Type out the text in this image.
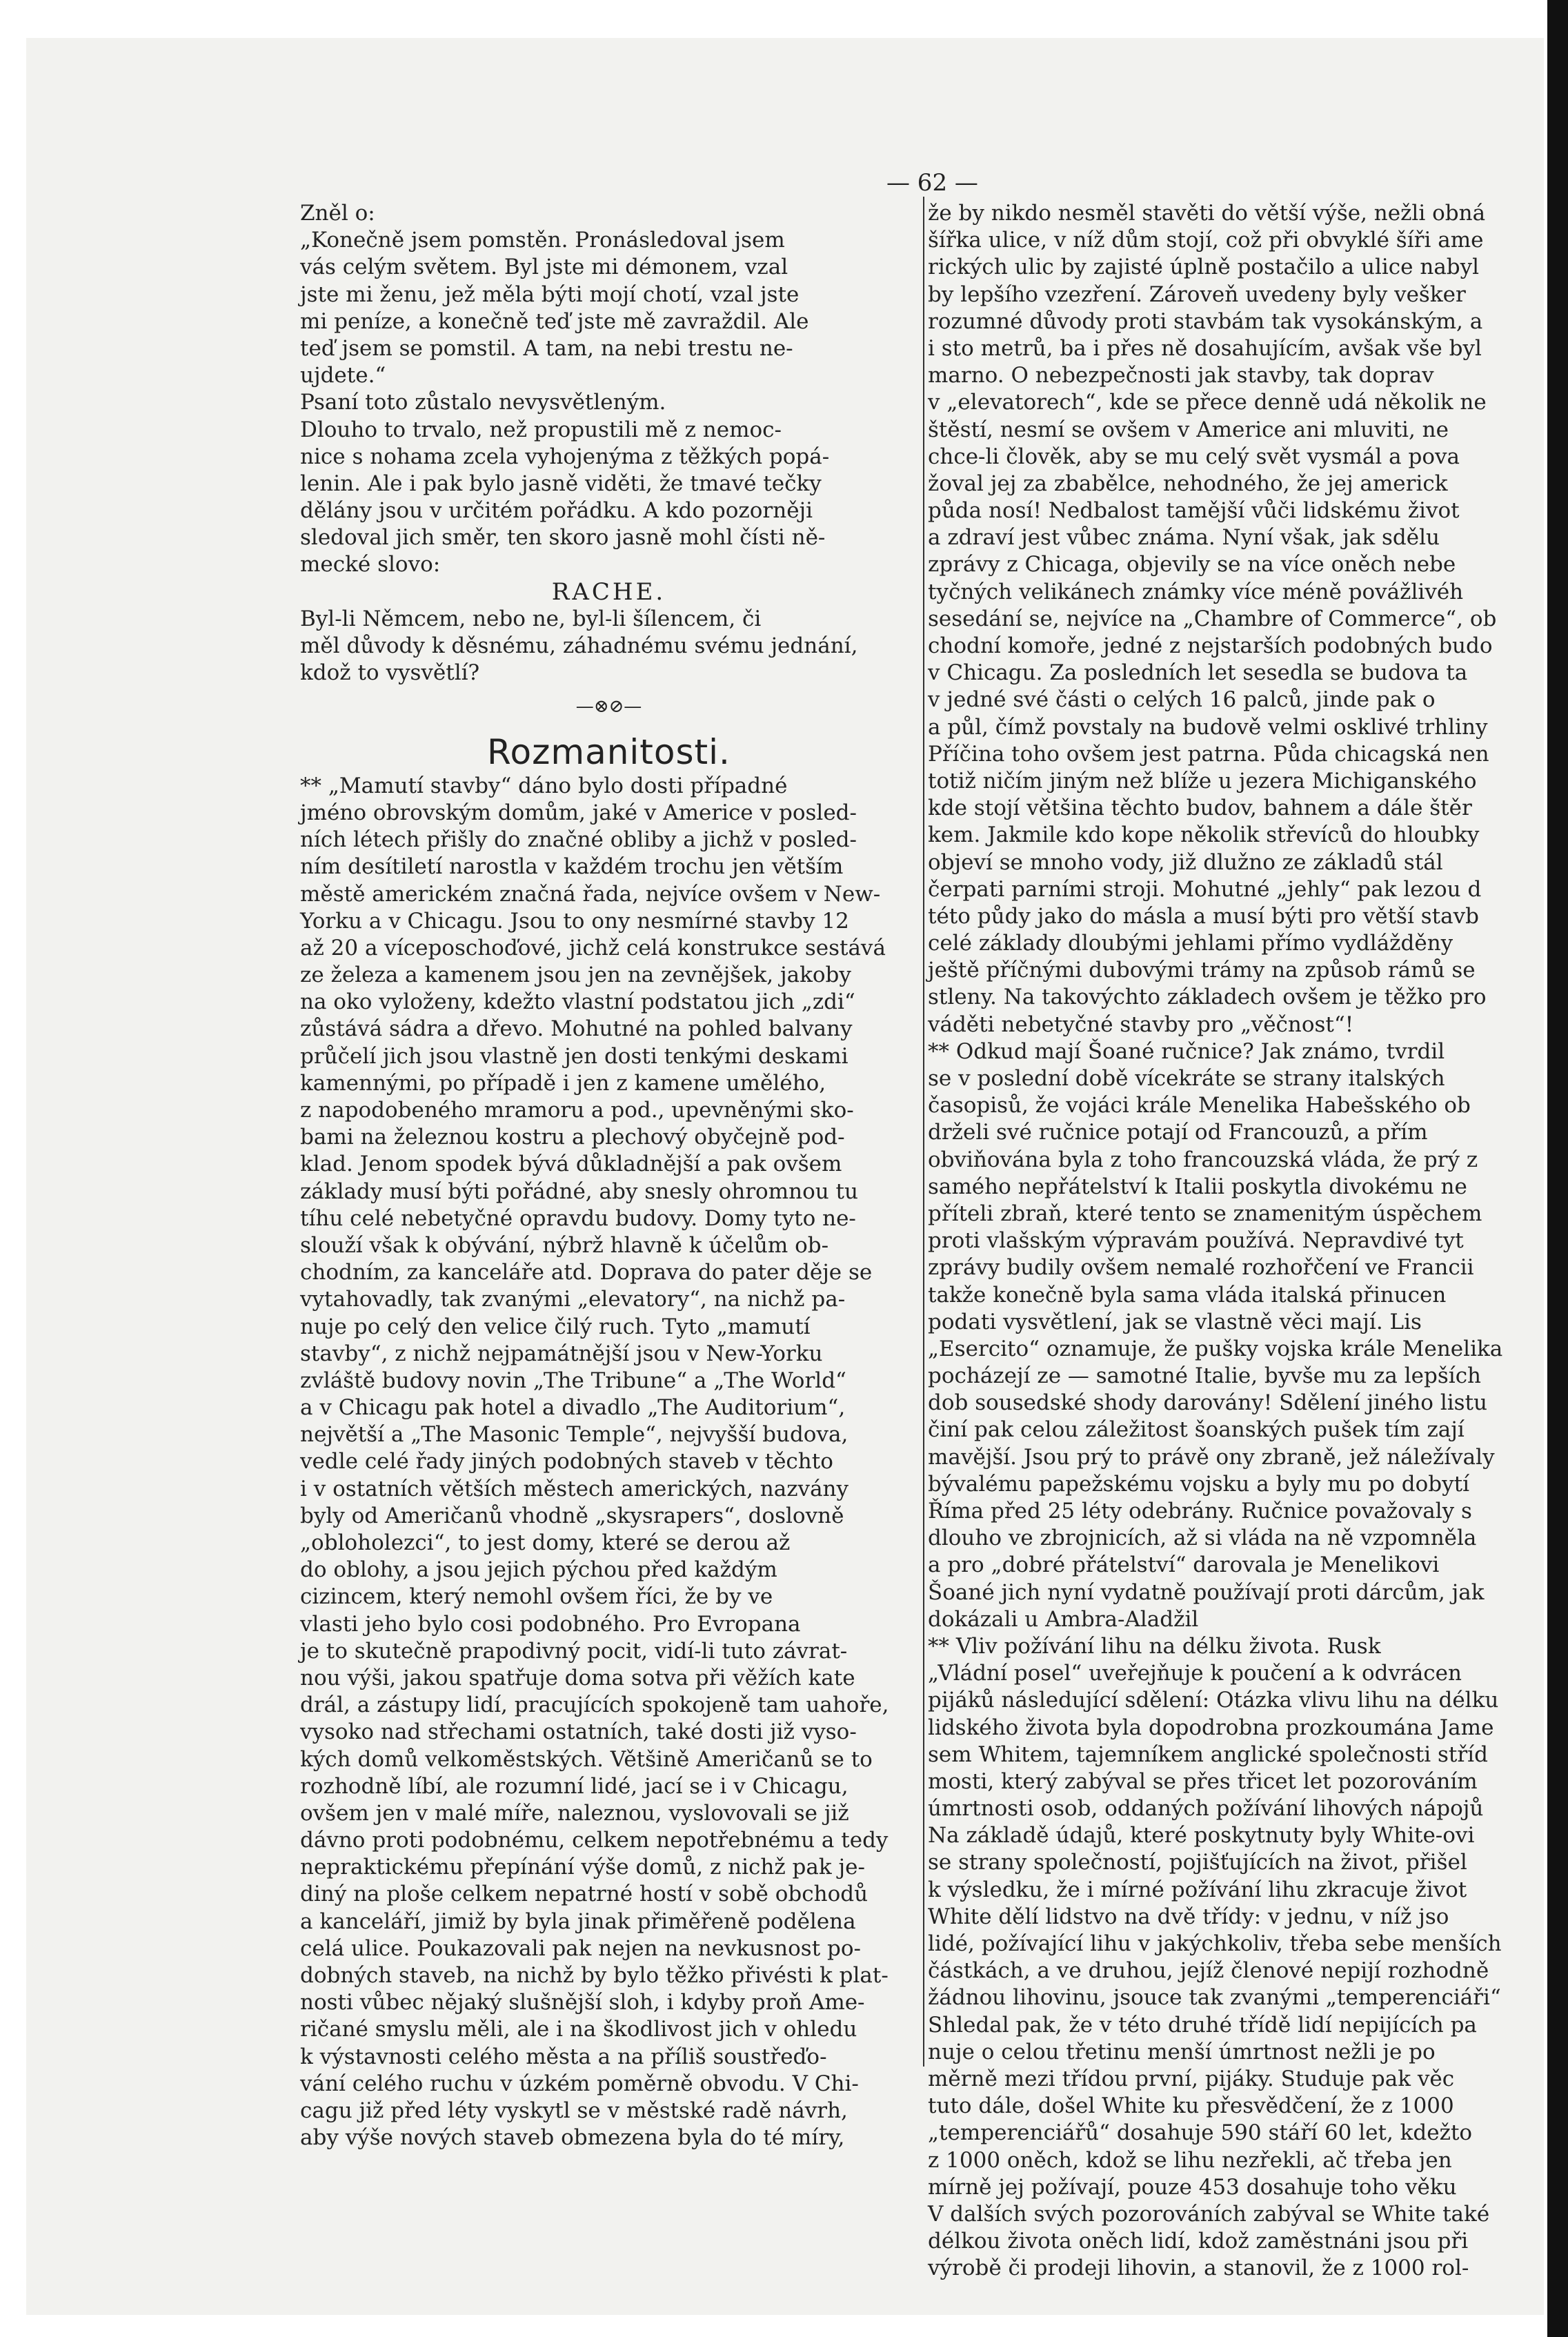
— 62 —
Zněl o:
„Konečně jsem pomstěn. Pronásledoval jsem
vás celým světem. Byl jste mi démonem, vzal
jste mi ženu, jež měla býti mojí chotí, vzal jste
mi peníze, a konečně teď jste mě zavraždil. Ale
teď jsem se pomstil. A tam, na nebi trestu ne-
ujdete.“
Psaní toto zůstalo nevysvětleným.
Dlouho to trvalo, než propustili mě z nemoc-
nice s nohama zcela vyhojenýma z těžkých popá-
lenin. Ale i pak bylo jasně viděti, že tmavé tečky
dělány jsou v určitém pořádku. A kdo pozorněji
sledoval jich směr, ten skoro jasně mohl čísti ně-
mecké slovo:
RACHE.
Byl-li Němcem, nebo ne, byl-li šílencem, či
měl důvody k děsnému, záhadnému svému jednání,
kdož to vysvětlí?
—⊗⊘—
Rozmanitosti.
** „Mamutí stavby“ dáno bylo dosti případné
jméno obrovským domům, jaké v Americe v posled-
ních létech přišly do značné obliby a jichž v posled-
ním desítiletí narostla v každém trochu jen větším
městě americkém značná řada, nejvíce ovšem v New-
Yorku a v Chicagu. Jsou to ony nesmírné stavby 12
až 20 a víceposchoďové, jichž celá konstrukce sestává
ze železa a kamenem jsou jen na zevnějšek, jakoby
na oko vyloženy, kdežto vlastní podstatou jich „zdi“
zůstává sádra a dřevo. Mohutné na pohled balvany
průčelí jich jsou vlastně jen dosti tenkými deskami
kamennými, po případě i jen z kamene umělého,
z napodobeného mramoru a pod., upevněnými sko-
bami na železnou kostru a plechový obyčejně pod-
klad. Jenom spodek bývá důkladnější a pak ovšem
základy musí býti pořádné, aby snesly ohromnou tu
tíhu celé nebetyčné opravdu budovy. Domy tyto ne-
slouží však k obývání, nýbrž hlavně k účelům ob-
chodním, za kanceláře atd. Doprava do pater děje se
vytahovadly, tak zvanými „elevatory“, na nichž pa-
nuje po celý den velice čilý ruch. Tyto „mamutí
stavby“, z nichž nejpamátnější jsou v New-Yorku
zvláště budovy novin „The Tribune“ a „The World“
a v Chicagu pak hotel a divadlo „The Auditorium“,
největší a „The Masonic Temple“, nejvyšší budova,
vedle celé řady jiných podobných staveb v těchto
i v ostatních větších městech amerických, nazvány
byly od Američanů vhodně „skysrapers“, doslovně
„obloholezci“, to jest domy, které se derou až
do oblohy, a jsou jejich pýchou před každým
cizincem, který nemohl ovšem říci, že by ve
vlasti jeho bylo cosi podobného. Pro Evropana
je to skutečně prapodivný pocit, vidí-li tuto závrat-
nou výši, jakou spatřuje doma sotva při věžích kate
drál, a zástupy lidí, pracujících spokojeně tam uahoře,
vysoko nad střechami ostatních, také dosti již vyso-
kých domů velkoměstských. Většině Američanů se to
rozhodně líbí, ale rozumní lidé, jací se i v Chicagu,
ovšem jen v malé míře, naleznou, vyslovovali se již
dávno proti podobnému, celkem nepotřebnému a tedy
nepraktickému přepínání výše domů, z nichž pak je-
diný na ploše celkem nepatrné hostí v sobě obchodů
a kanceláří, jimiž by byla jinak přiměřeně podělena
celá ulice. Poukazovali pak nejen na nevkusnost po-
dobných staveb, na nichž by bylo těžko přivésti k plat-
nosti vůbec nějaký slušnější sloh, i kdyby proň Ame-
ričané smyslu měli, ale i na škodlivost jich v ohledu
k výstavnosti celého města a na příliš soustřeďo-
vání celého ruchu v úzkém poměrně obvodu. V Chi-
cagu již před léty vyskytl se v městské radě návrh,
aby výše nových staveb obmezena byla do té míry,
že by nikdo nesměl stavěti do větší výše, nežli obná
šířka ulice, v níž dům stojí, což při obvyklé šíři ame
rických ulic by zajisté úplně postačilo a ulice nabyl
by lepšího vzezření. Zároveň uvedeny byly vešker
rozumné důvody proti stavbám tak vysokánským, a
i sto metrů, ba i přes ně dosahujícím, avšak vše byl
marno. O nebezpečnosti jak stavby, tak doprav
v „elevatorech“, kde se přece denně udá několik ne
štěstí, nesmí se ovšem v Americe ani mluviti, ne
chce-li člověk, aby se mu celý svět vysmál a pova
žoval jej za zbabělce, nehodného, že jej americk
půda nosí! Nedbalost tamější vůči lidskému život
a zdraví jest vůbec známa. Nyní však, jak sdělu
zprávy z Chicaga, objevily se na více oněch nebe
tyčných velikánech známky více méně povážlivéh
sesedání se, nejvíce na „Chambre of Commerce“, ob
chodní komoře, jedné z nejstarších podobných budo
v Chicagu. Za posledních let sesedla se budova ta
v jedné své části o celých 16 palců, jinde pak o
a půl, čímž povstaly na budově velmi osklivé trhliny
Příčina toho ovšem jest patrna. Půda chicagská nen
totiž ničím jiným než blíže u jezera Michiganského
kde stojí většina těchto budov, bahnem a dále štěr
kem. Jakmile kdo kope několik střevíců do hloubky
objeví se mnoho vody, již dlužno ze základů stál
čerpati parními stroji. Mohutné „jehly“ pak lezou d
této půdy jako do másla a musí býti pro větší stavb
celé základy dloubými jehlami přímo vydlážděny
ještě příčnými dubovými trámy na způsob rámů se
stleny. Na takovýchto základech ovšem je těžko pro
váděti nebetyčné stavby pro „věčnost“!
** Odkud mají Šoané ručnice? Jak známo, tvrdil
se v poslední době vícekráte se strany italských
časopisů, že vojáci krále Menelika Habešského ob
drželi své ručnice potají od Francouzů, a přím
obviňována byla z toho francouzská vláda, že prý z
samého nepřátelství k Italii poskytla divokému ne
příteli zbraň, které tento se znamenitým úspěchem
proti vlašským výpravám používá. Nepravdivé tyt
zprávy budily ovšem nemalé rozhořčení ve Francii
takže konečně byla sama vláda italská přinucen
podati vysvětlení, jak se vlastně věci mají. Lis
„Esercito“ oznamuje, že pušky vojska krále Menelika
pocházejí ze — samotné Italie, byvše mu za lepších
dob sousedské shody darovány! Sdělení jiného listu
činí pak celou záležitost šoanských pušek tím zají
mavější. Jsou prý to právě ony zbraně, jež náležívaly
bývalému papežskému vojsku a byly mu po dobytí
Říma před 25 léty odebrány. Ručnice považovaly s
dlouho ve zbrojnicích, až si vláda na ně vzpomněla
a pro „dobré přátelství“ darovala je Menelikovi
Šoané jich nyní vydatně používají proti dárcům, jak
dokázali u Ambra-Aladžil
** Vliv požívání lihu na délku života. Rusk
„Vládní posel“ uveřejňuje k poučení a k odvrácen
pijáků následující sdělení: Otázka vlivu lihu na délku
lidského života byla dopodrobna prozkoumána Jame
sem Whitem, tajemníkem anglické společnosti stříd
mosti, který zabýval se přes třicet let pozorováním
úmrtnosti osob, oddaných požívání lihových nápojů
Na základě údajů, které poskytnuty byly White-ovi
se strany společností, pojišťujících na život, přišel
k výsledku, že i mírné požívání lihu zkracuje život
White dělí lidstvo na dvě třídy: v jednu, v níž jso
lidé, požívající lihu v jakýchkoliv, třeba sebe menších
částkách, a ve druhou, jejíž členové nepijí rozhodně
žádnou lihovinu, jsouce tak zvanými „temperenciáři“
Shledal pak, že v této druhé třídě lidí nepijících pa
nuje o celou třetinu menší úmrtnost nežli je po
měrně mezi třídou první, pijáky. Studuje pak věc
tuto dále, došel White ku přesvědčení, že z 1000
„temperenciářů“ dosahuje 590 stáří 60 let, kdežto
z 1000 oněch, kdož se lihu nezřekli, ač třeba jen
mírně jej požívají, pouze 453 dosahuje toho věku
V dalších svých pozorováních zabýval se White také
délkou života oněch lidí, kdož zaměstnáni jsou při
výrobě či prodeji lihovin, a stanovil, že z 1000 rol-
